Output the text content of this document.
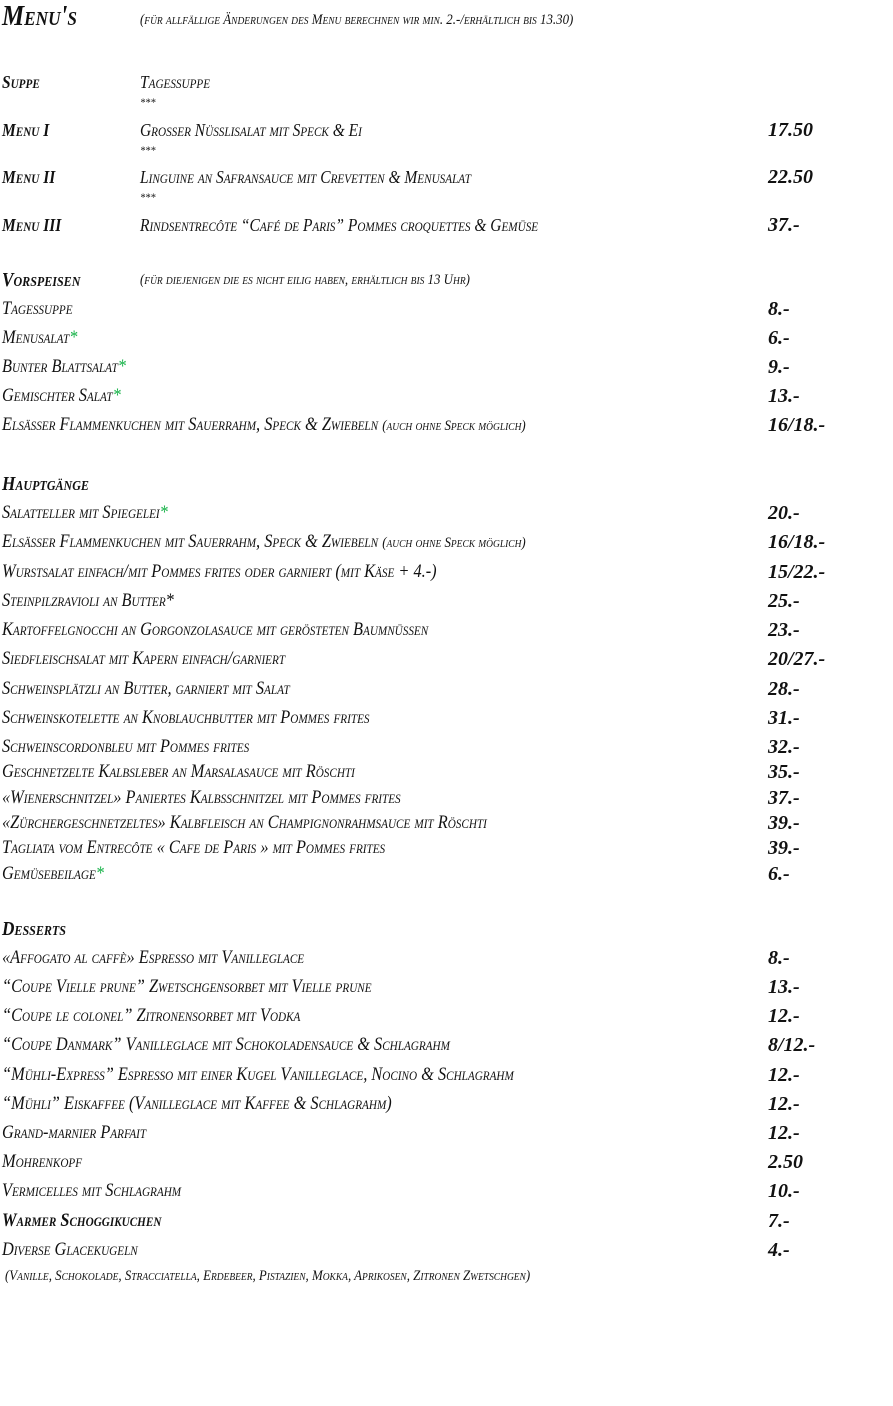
Menu's	(für allfällige Änderungen des Menu berechnen wir min. 2.-/erhältlich bis 13.30)
Suppe	Tagessuppe
Menu I	Grosser Nüsslisalat mit Speck & Ei	17.50
Menu II	Linguine an Safransauce mit Crevetten & Menusalat	22.50
Menu III	Rindsentrecôte “Café de Paris” Pommes croquettes & Gemüse	37.-
***
***
***
Vorspeisen	(für diejenigen die es nicht eilig haben, erhältlich bis 13 Uhr)
Tagessuppe	8.-
Menusalat*	6.-
Bunter Blattsalat*	9.-
Gemischter Salat*	13.-
Elsässer Flammenkuchen mit Sauerrahm, Speck & Zwiebeln (auch ohne Speck möglich)	16/18.-
Hauptgänge
Salatteller mit Spiegelei*	20.-
Elsässer Flammenkuchen mit Sauerrahm, Speck & Zwiebeln (auch ohne Speck möglich)	16/18.-
Wurstsalat einfach/mit Pommes frites oder garniert (mit Käse + 4.-)	15/22.-
Steinpilzravioli an Butter*	25.-
Kartoffelgnocchi an Gorgonzolasauce mit gerösteten Baumnüssen	23.-
Siedfleischsalat mit Kapern einfach/garniert	20/27.-
Schweinsplätzli an Butter, garniert mit Salat	28.-
Schweinskotelette an Knoblauchbutter mit Pommes frites	31.-
Schweinscordonbleu mit Pommes frites	32.-
Geschnetzelte Kalbsleber an Marsalasauce mit Röschti	35.-
«Wienerschnitzel» Paniertes Kalbsschnitzel mit Pommes frites	37.-
«Zürchergeschnetzeltes» Kalbfleisch an Champignonrahmsauce mit Röschti	39.-
Tagliata vom Entrecôte « Cafe de Paris » mit Pommes frites	39.-
Gemüsebeilage*	6.-
Desserts
«Affogato al caffè» Espresso mit Vanilleglace	8.-
“Coupe Vielle prune” Zwetschgensorbet mit Vielle prune	13.-
“Coupe le colonel” Zitronensorbet mit Vodka	12.-
“Coupe Danmark” Vanilleglace mit Schokoladensauce & Schlagrahm	8/12.-
“Mühli-Express” Espresso mit einer Kugel Vanilleglace, Nocino & Schlagrahm	12.-
“Mühli” Eiskaffee (Vanilleglace mit Kaffee & Schlagrahm)	12.-
Grand-marnier Parfait	12.-
Mohrenkopf	2.50
Vermicelles mit Schlagrahm	10.-
Warmer Schoggikuchen	7.-
Diverse Glacekugeln	4.-
(Vanille, Schokolade, Stracciatella, Erdebeer, Pistazien, Mokka, Aprikosen, Zitronen Zwetschgen)
